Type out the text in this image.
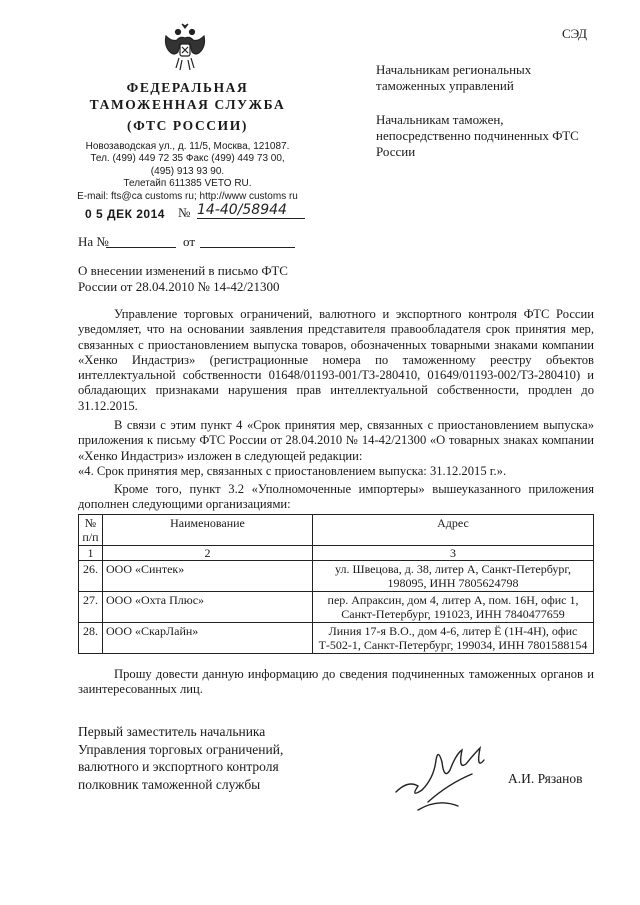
СЭД
ФЕДЕРАЛЬНАЯ
ТАМОЖЕННАЯ СЛУЖБА
(ФТС РОССИИ)
Новозаводская ул., д. 11/5, Москва, 121087.
Тел. (499) 449 72 35 Факс (499) 449 73 00,
(495) 913 93 90.
Телетайп 611385 VETO RU.
E-mail: fts@ca customs ru; http://www customs ru
0 5 ДЕК 2014 № 14-40/58944
На №	от
Начальникам региональных таможенных управлений
Начальникам таможен, непосредственно подчиненных ФТС России
О внесении изменений в письмо ФТС России от 28.04.2010 № 14-42/21300
Управление торговых ограничений, валютного и экспортного контроля ФТС России уведомляет, что на основании заявления представителя правообладателя срок принятия мер, связанных с приостановлением выпуска товаров, обозначенных товарными знаками компании «Хенко Индастриз» (регистрационные номера по таможенному реестру объектов интеллектуальной собственности 01648/01193-001/ТЗ-280410, 01649/01193-002/ТЗ-280410) и обладающих признаками нарушения прав интеллектуальной собственности, продлен до 31.12.2015.
В связи с этим пункт 4 «Срок принятия мер, связанных с приостановлением выпуска» приложения к письму ФТС России от 28.04.2010 № 14-42/21300 «О товарных знаках компании «Хенко Индастриз» изложен в следующей редакции:
«4. Срок принятия мер, связанных с приостановлением выпуска: 31.12.2015 г.».
Кроме того, пункт 3.2 «Уполномоченные импортеры» вышеуказанного приложения дополнен следующими организациями:
№ п/п	Наименование	Адрес
1	2	3
26.	ООО «Синтек»	ул. Швецова, д. 38, литер А, Санкт-Петербург, 198095, ИНН 7805624798
27.	ООО «Охта Плюс»	пер. Апраксин, дом 4, литер А, пом. 16Н, офис 1, Санкт-Петербург, 191023, ИНН 7840477659
28.	ООО «СкарЛайн»	Линия 17-я В.О., дом 4-6, литер Ё (1Н-4Н), офис Т-502-1, Санкт-Петербург, 199034, ИНН 7801588154
Прошу довести данную информацию до сведения подчиненных таможенных органов и заинтересованных лиц.
Первый заместитель начальника
Управления торговых ограничений,
валютного и экспортного контроля
полковник таможенной службы	А.И. Рязанов
